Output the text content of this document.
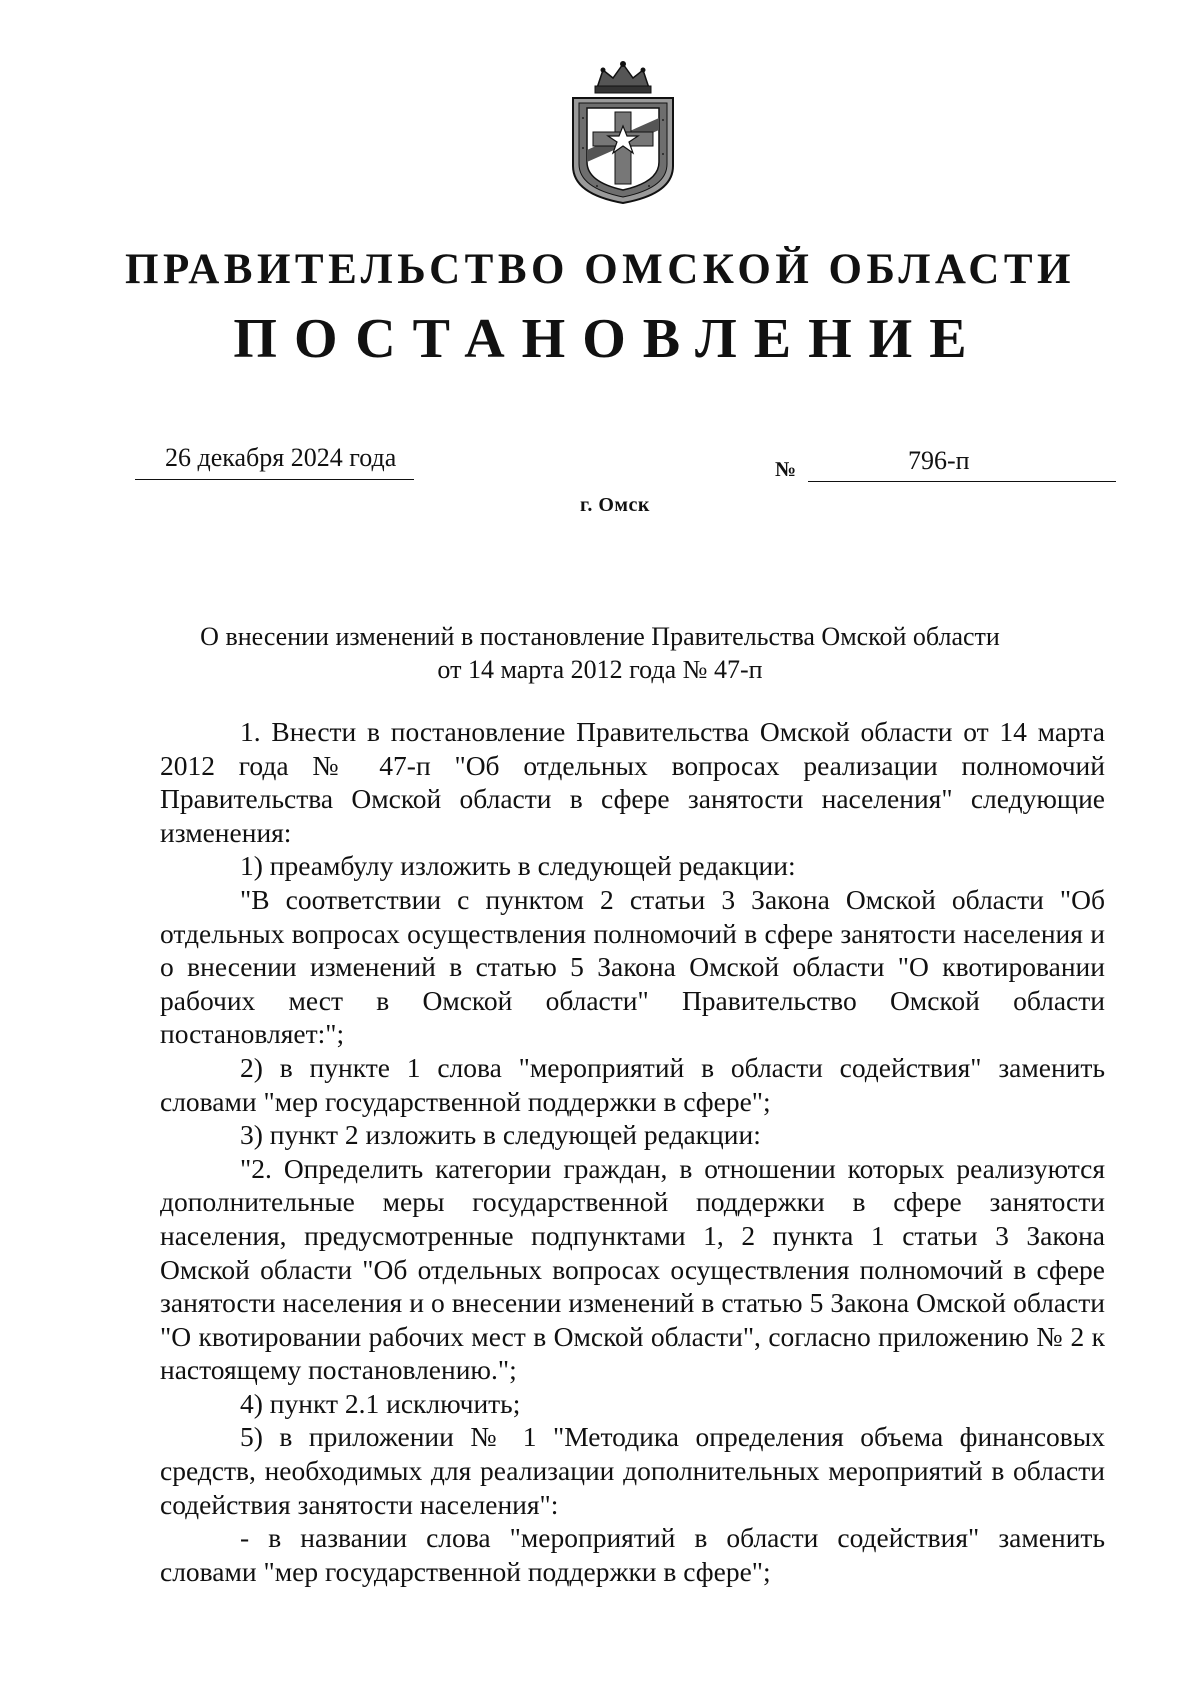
ПРАВИТЕЛЬСТВО ОМСКОЙ ОБЛАСТИ
ПОСТАНОВЛЕНИЕ
26 декабря 2024 года	№	796-п
г. Омск
О внесении изменений в постановление Правительства Омской области
от 14 марта 2012 года № 47-п

1. Внести в постановление Правительства Омской области от 14 марта 2012 года № 47-п "Об отдельных вопросах реализации полномочий Правительства Омской области в сфере занятости населения" следующие изменения:

1) преамбулу изложить в следующей редакции:

"В соответствии с пунктом 2 статьи 3 Закона Омской области "Об отдельных вопросах осуществления полномочий в сфере занятости населения и о внесении изменений в статью 5 Закона Омской области "О квотировании рабочих мест в Омской области" Правительство Омской области постановляет:";

2) в пункте 1 слова "мероприятий в области содействия" заменить словами "мер государственной поддержки в сфере";

3) пункт 2 изложить в следующей редакции:

"2. Определить категории граждан, в отношении которых реализуются дополнительные меры государственной поддержки в сфере занятости населения, предусмотренные подпунктами 1, 2 пункта 1 статьи 3 Закона Омской области "Об отдельных вопросах осуществления полномочий в сфере занятости населения и о внесении изменений в статью 5 Закона Омской области "О квотировании рабочих мест в Омской области", согласно приложению № 2 к настоящему постановлению.";

4) пункт 2.1 исключить;

5) в приложении № 1 "Методика определения объема финансовых средств, необходимых для реализации дополнительных мероприятий в области содействия занятости населения":

- в названии слова "мероприятий в области содействия" заменить словами "мер государственной поддержки в сфере";
